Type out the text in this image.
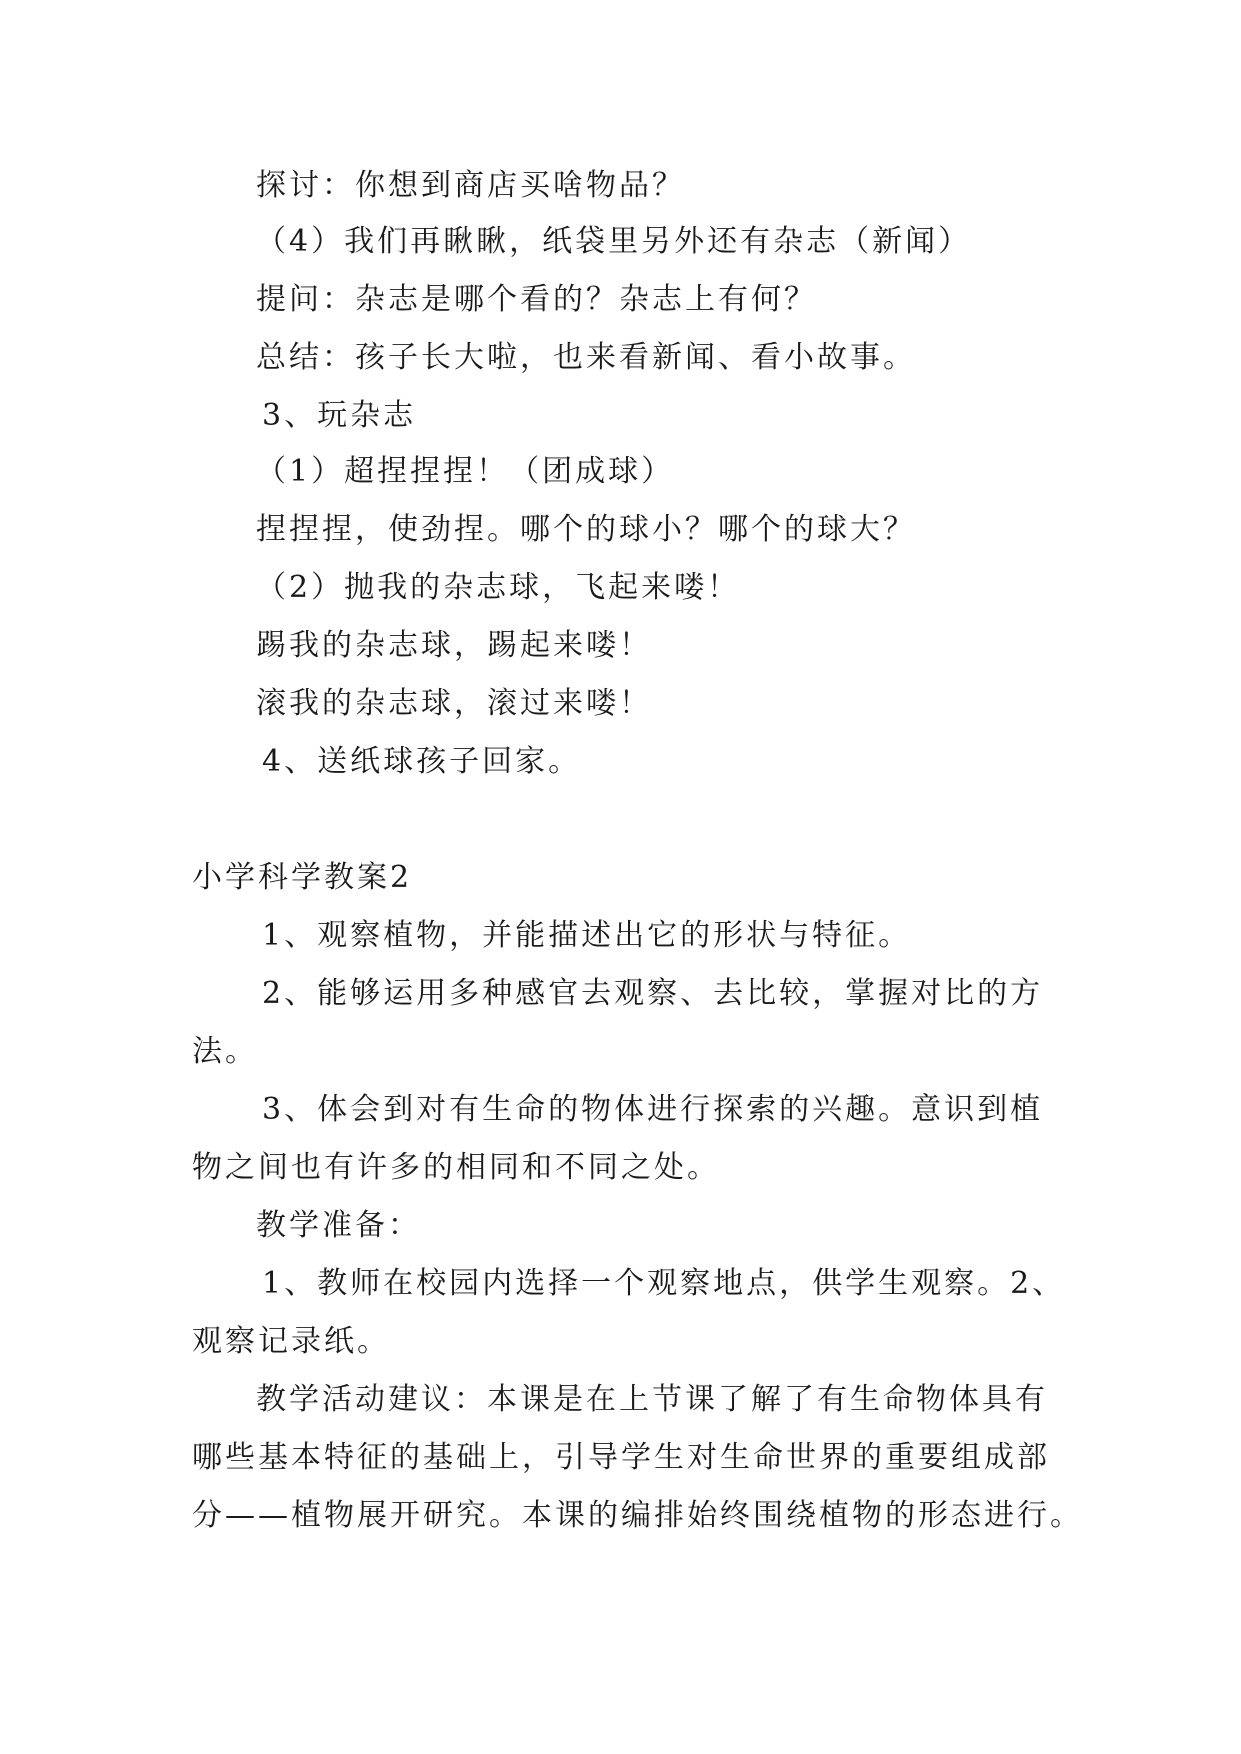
探讨：你想到商店买啥物品？
（4）我们再瞅瞅，纸袋里另外还有杂志（新闻）
提问：杂志是哪个看的？杂志上有何？
总结：孩子长大啦，也来看新闻、看小故事。
3、玩杂志
（1）超捏捏捏！（团成球）
捏捏捏，使劲捏。哪个的球小？哪个的球大？
（2）抛我的杂志球，飞起来喽！
踢我的杂志球，踢起来喽！
滚我的杂志球，滚过来喽！
4、送纸球孩子回家。
小学科学教案2
1、观察植物，并能描述出它的形状与特征。
2、能够运用多种感官去观察、去比较，掌握对比的方
法。
3、体会到对有生命的物体进行探索的兴趣。意识到植
物之间也有许多的相同和不同之处。
教学准备：
1、教师在校园内选择一个观察地点，供学生观察。2、
观察记录纸。
教学活动建议：本课是在上节课了解了有生命物体具有
哪些基本特征的基础上，引导学生对生命世界的重要组成部
分——植物展开研究。本课的编排始终围绕植物的形态进行。
